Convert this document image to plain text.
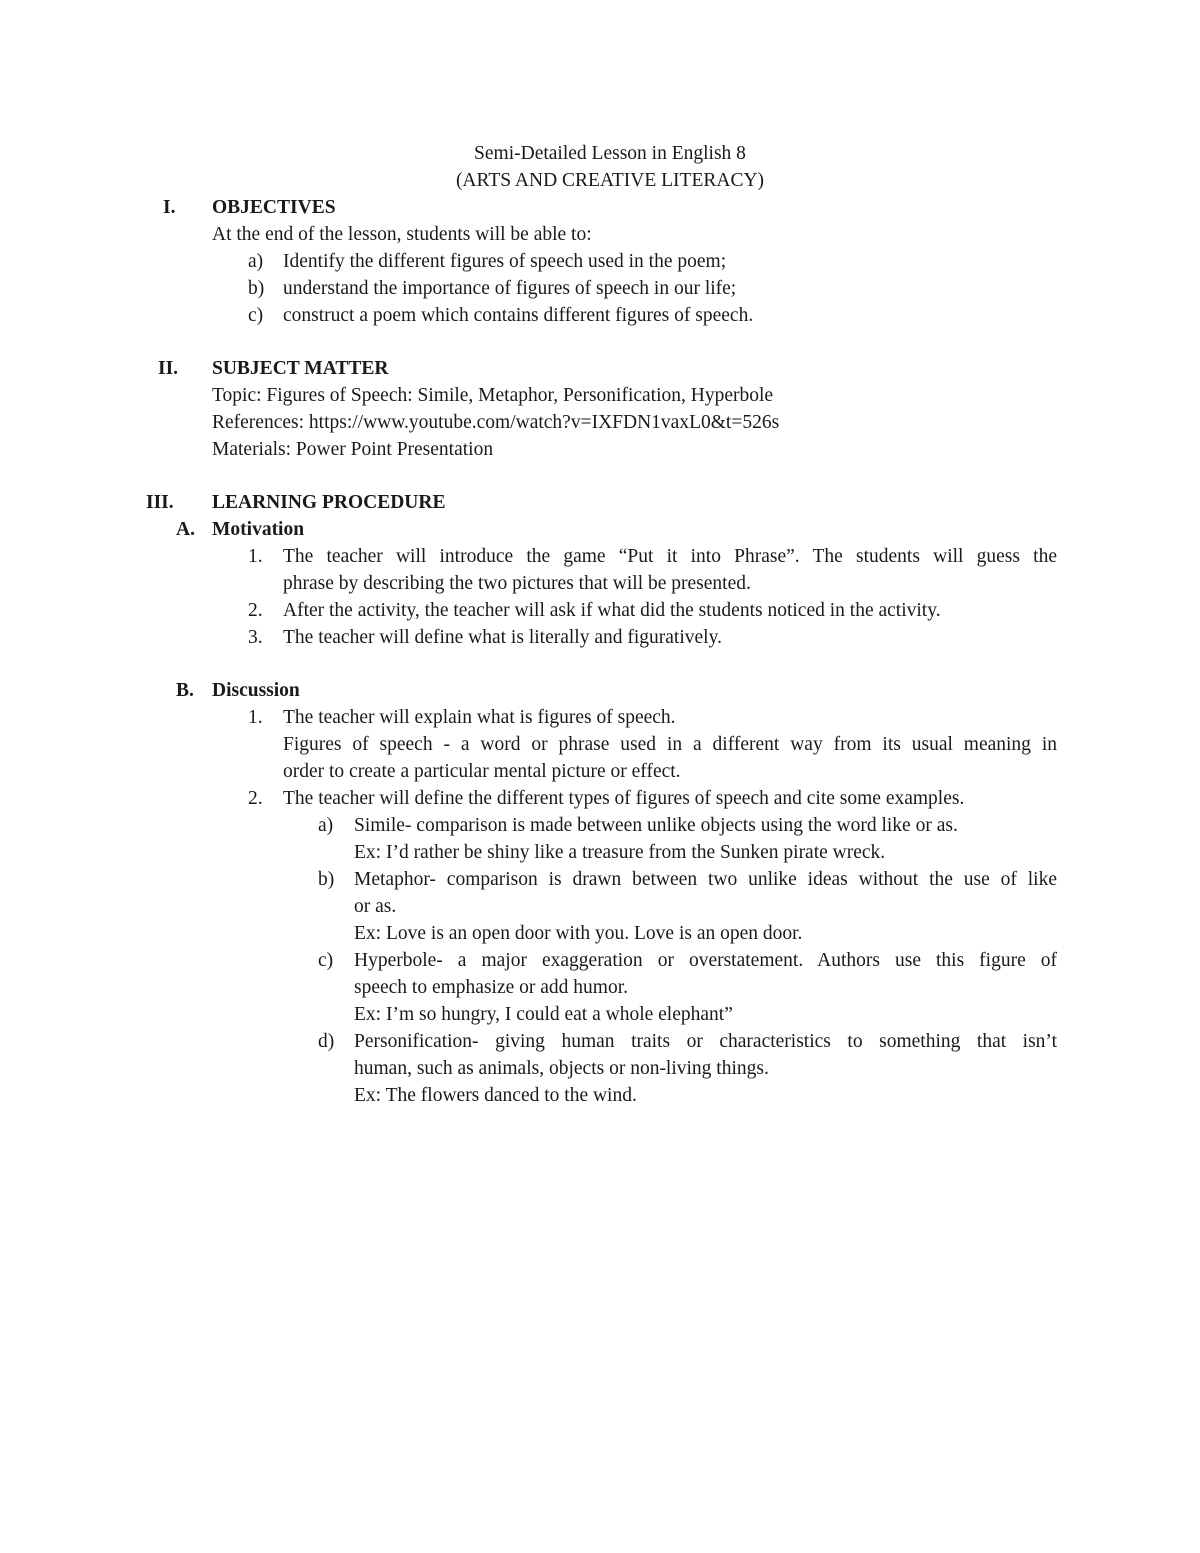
Semi-Detailed Lesson in English 8
(ARTS AND CREATIVE LITERACY)
I. OBJECTIVES
At the end of the lesson, students will be able to:
a) Identify the different figures of speech used in the poem;
b) understand the importance of figures of speech in our life;
c) construct a poem which contains different figures of speech.
II. SUBJECT MATTER
Topic: Figures of Speech: Simile, Metaphor, Personification, Hyperbole
References: https://www.youtube.com/watch?v=IXFDN1vaxL0&t=526s
Materials: Power Point Presentation
III. LEARNING PROCEDURE
A. Motivation
1. The teacher will introduce the game “Put it into Phrase”. The students will guess the
phrase by describing the two pictures that will be presented.
2. After the activity, the teacher will ask if what did the students noticed in the activity.
3. The teacher will define what is literally and figuratively.
B. Discussion
1. The teacher will explain what is figures of speech.
Figures of speech - a word or phrase used in a different way from its usual meaning in
order to create a particular mental picture or effect.
2. The teacher will define the different types of figures of speech and cite some examples.
a) Simile- comparison is made between unlike objects using the word like or as.
Ex: I’d rather be shiny like a treasure from the Sunken pirate wreck.
b) Metaphor- comparison is drawn between two unlike ideas without the use of like
or as.
Ex: Love is an open door with you. Love is an open door.
c) Hyperbole- a major exaggeration or overstatement. Authors use this figure of
speech to emphasize or add humor.
Ex: I’m so hungry, I could eat a whole elephant”
d) Personification- giving human traits or characteristics to something that isn’t
human, such as animals, objects or non-living things.
Ex: The flowers danced to the wind.
